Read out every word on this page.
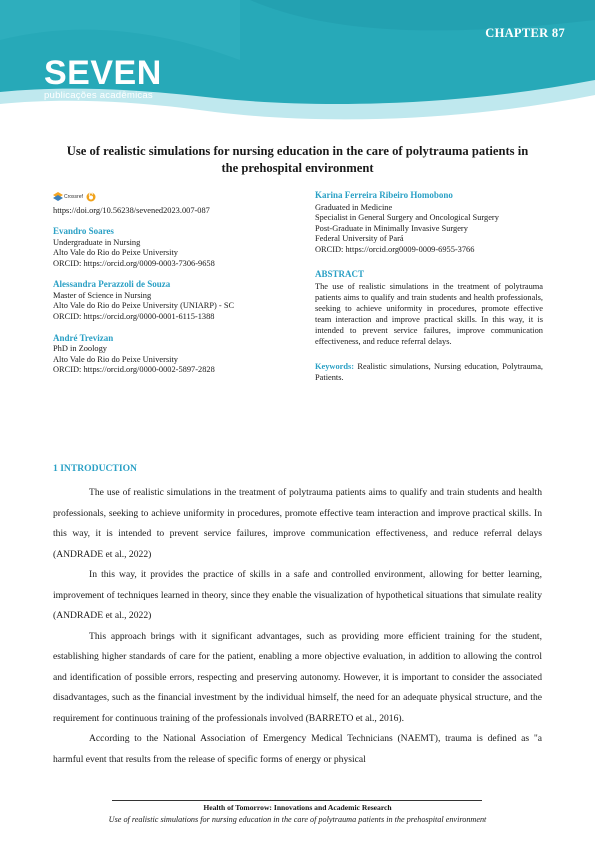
CHAPTER 87
SEVEN
publicações acadêmicas
Use of realistic simulations for nursing education in the care of polytrauma patients in the prehospital environment
Crossref
https://doi.org/10.56238/sevened2023.007-087
Evandro Soares
Undergraduate in Nursing
Alto Vale do Rio do Peixe University
ORCID: https://orcid.org/0009-0003-7306-9658
Alessandra Perazzoli de Souza
Master of Science in Nursing
Alto Vale do Rio do Peixe University (UNIARP) - SC
ORCID: https://orcid.org/0000-0001-6115-1388
André Trevizan
PhD in Zoology
Alto Vale do Rio do Peixe University
ORCID: https://orcid.org/0000-0002-5897-2828
Karina Ferreira Ribeiro Homobono
Graduated in Medicine
Specialist in General Surgery and Oncological Surgery
Post-Graduate in Minimally Invasive Surgery
Federal University of Pará
ORCID: https://orcid.org0009-0009-6955-3766
ABSTRACT
The use of realistic simulations in the treatment of polytrauma patients aims to qualify and train students and health professionals, seeking to achieve uniformity in procedures, promote effective team interaction and improve practical skills. In this way, it is intended to prevent service failures, improve communication effectiveness, and reduce referral delays.
Keywords: Realistic simulations, Nursing education, Polytrauma, Patients.
1 INTRODUCTION

The use of realistic simulations in the treatment of polytrauma patients aims to qualify and train students and health professionals, seeking to achieve uniformity in procedures, promote effective team interaction and improve practical skills. In this way, it is intended to prevent service failures, improve communication effectiveness, and reduce referral delays (ANDRADE et al., 2022)

In this way, it provides the practice of skills in a safe and controlled environment, allowing for better learning, improvement of techniques learned in theory, since they enable the visualization of hypothetical situations that simulate reality (ANDRADE et al., 2022)

This approach brings with it significant advantages, such as providing more efficient training for the student, establishing higher standards of care for the patient, enabling a more objective evaluation, in addition to allowing the control and identification of possible errors, respecting and preserving autonomy. However, it is important to consider the associated disadvantages, such as the financial investment by the individual himself, the need for an adequate physical structure, and the requirement for continuous training of the professionals involved (BARRETO et al., 2016).

According to the National Association of Emergency Medical Technicians (NAEMT), trauma is defined as "a harmful event that results from the release of specific forms of energy or physical

Health of Tomorrow: Innovations and Academic Research
Use of realistic simulations for nursing education in the care of polytrauma patients in the prehospital environment
